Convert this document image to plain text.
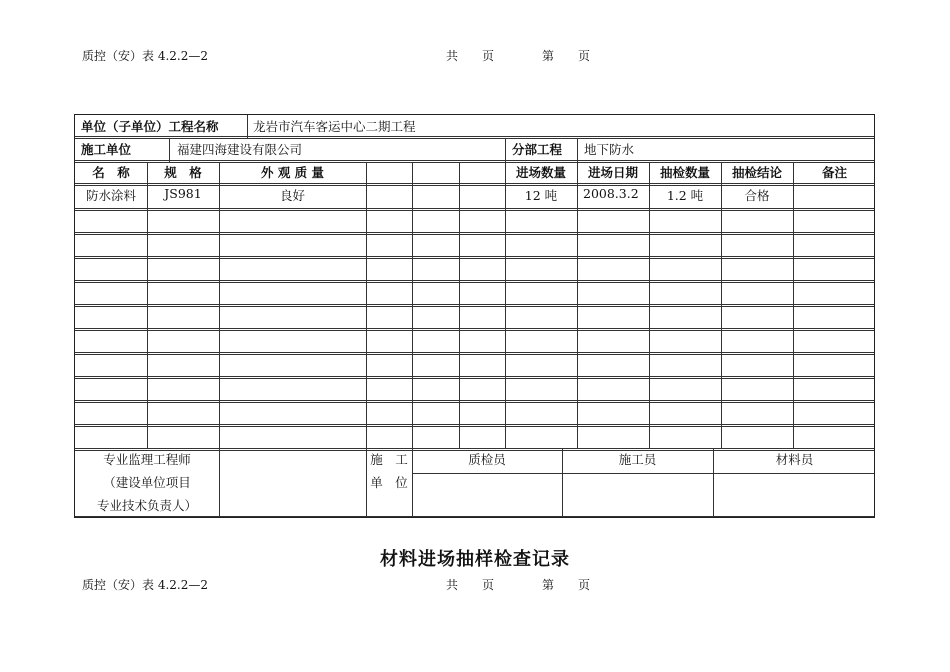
质控（安）表 4.2.2—2	共　　页	第　　页
单位（子单位）工程名称	龙岩市汽车客运中心二期工程
施工单位	福建四海建设有限公司	分部工程 地下防水
名　称	规　格	外 观 质 量	进场数量	进场日期	抽检数量	抽检结论	备注
防水涂料	JS981	良好	12 吨	2008.3.2	1.2 吨	合格
专业监理工程师
（建设单位项目
专业技术负责人）
施　工
单　位
质检员	施工员	材料员
材料进场抽样检查记录
质控（安）表 4.2.2—2	共　　页	第　　页
